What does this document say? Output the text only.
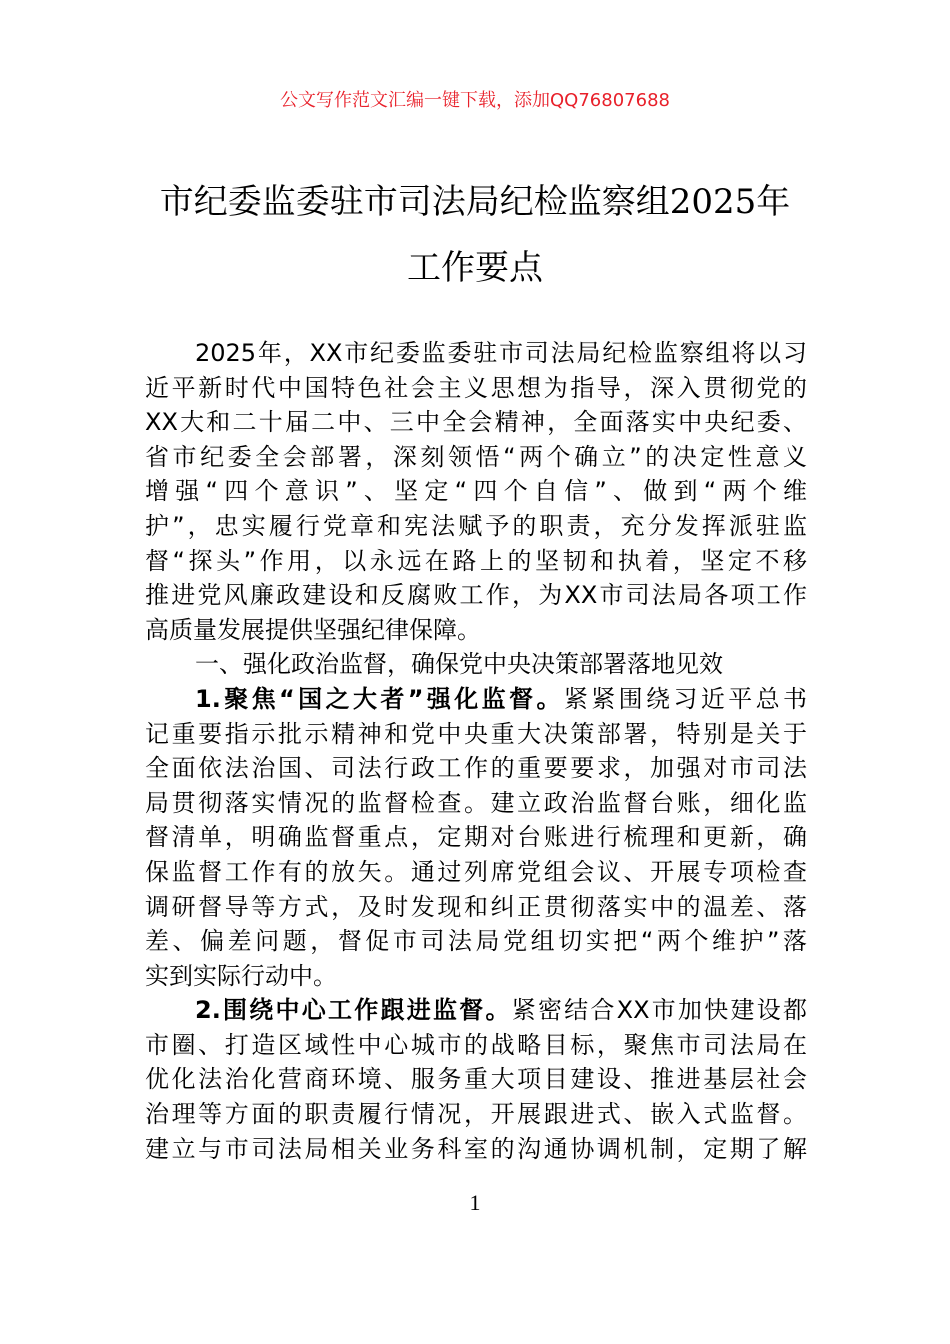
公文写作范文汇编一键下载，添加QQ76807688
市纪委监委驻市司法局纪检监察组2025年
工作要点
2025年，XX市纪委监委驻市司法局纪检监察组将以习
近平新时代中国特色社会主义思想为指导，深入贯彻党的
XX大和二十届二中、三中全会精神，全面落实中央纪委、
省市纪委全会部署，深刻领悟“两个确立”的决定性意义
增强“四个意识”、坚定“四个自信”、做到“两个维
护”，忠实履行党章和宪法赋予的职责，充分发挥派驻监
督“探头”作用，以永远在路上的坚韧和执着，坚定不移
推进党风廉政建设和反腐败工作，为XX市司法局各项工作
高质量发展提供坚强纪律保障。
一、强化政治监督，确保党中央决策部署落地见效
1.聚焦“国之大者”强化监督。紧紧围绕习近平总书
记重要指示批示精神和党中央重大决策部署，特别是关于
全面依法治国、司法行政工作的重要要求，加强对市司法
局贯彻落实情况的监督检查。建立政治监督台账，细化监
督清单，明确监督重点，定期对台账进行梳理和更新，确
保监督工作有的放矢。通过列席党组会议、开展专项检查
调研督导等方式，及时发现和纠正贯彻落实中的温差、落
差、偏差问题，督促市司法局党组切实把“两个维护”落
实到实际行动中。
2.围绕中心工作跟进监督。紧密结合XX市加快建设都
市圈、打造区域性中心城市的战略目标，聚焦市司法局在
优化法治化营商环境、服务重大项目建设、推进基层社会
治理等方面的职责履行情况，开展跟进式、嵌入式监督。
建立与市司法局相关业务科室的沟通协调机制，定期了解
1
